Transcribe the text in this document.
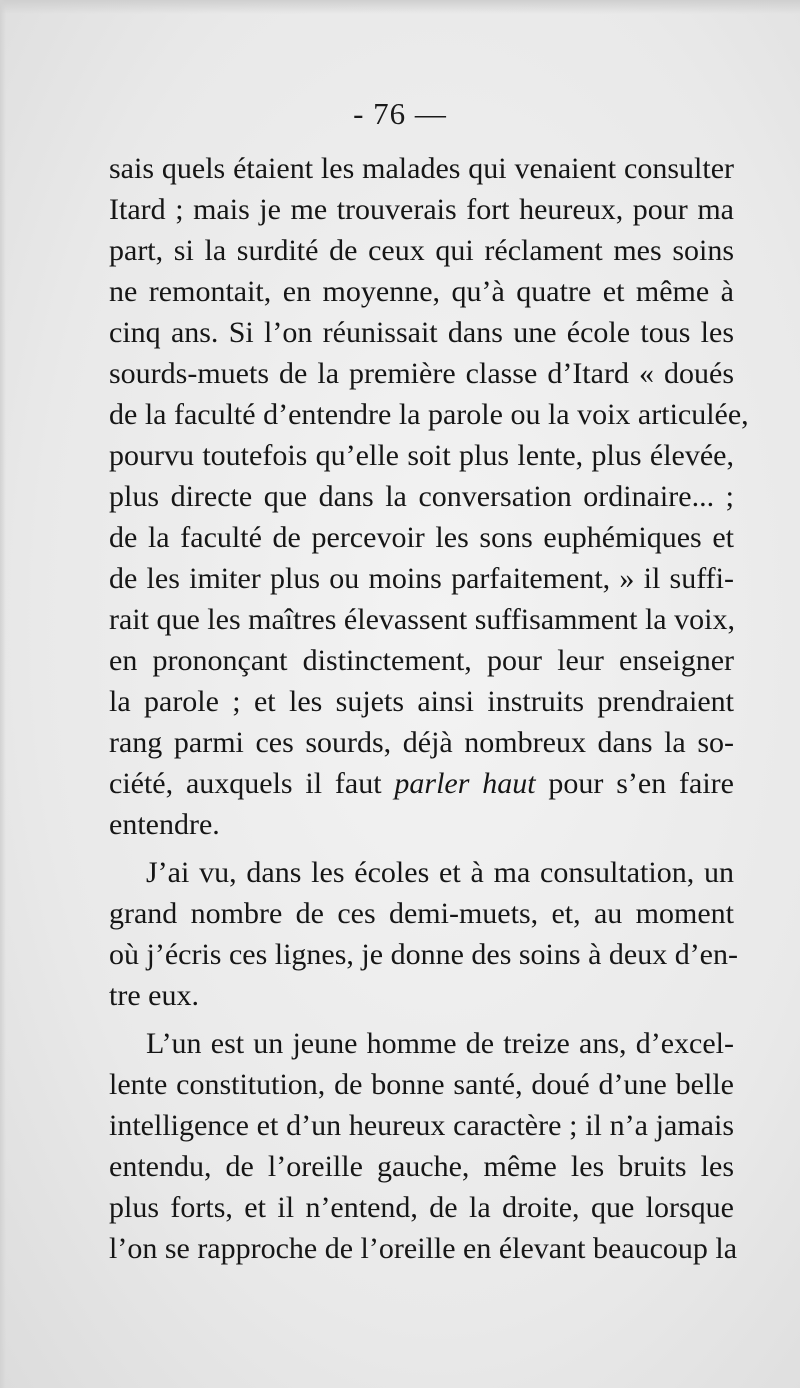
- 76 —
sais quels étaient les malades qui venaient consulter
Itard ; mais je me trouverais fort heureux, pour ma
part, si la surdité de ceux qui réclament mes soins
ne remontait, en moyenne, qu’à quatre et même à
cinq ans. Si l’on réunissait dans une école tous les
sourds-muets de la première classe d’Itard « doués
de la faculté d’entendre la parole ou la voix articulée,
pourvu toutefois qu’elle soit plus lente, plus élevée,
plus directe que dans la conversation ordinaire... ;
de la faculté de percevoir les sons euphémiques et
de les imiter plus ou moins parfaitement, » il suffi-
rait que les maîtres élevassent suffisamment la voix,
en prononçant distinctement, pour leur enseigner
la parole ; et les sujets ainsi instruits prendraient
rang parmi ces sourds, déjà nombreux dans la so-
ciété, auxquels il faut parler haut pour s’en faire
entendre.
J’ai vu, dans les écoles et à ma consultation, un
grand nombre de ces demi-muets, et, au moment
où j’écris ces lignes, je donne des soins à deux d’en-
tre eux.
L’un est un jeune homme de treize ans, d’excel-
lente constitution, de bonne santé, doué d’une belle
intelligence et d’un heureux caractère ; il n’a jamais
entendu, de l’oreille gauche, même les bruits les
plus forts, et il n’entend, de la droite, que lorsque
l’on se rapproche de l’oreille en élevant beaucoup la
